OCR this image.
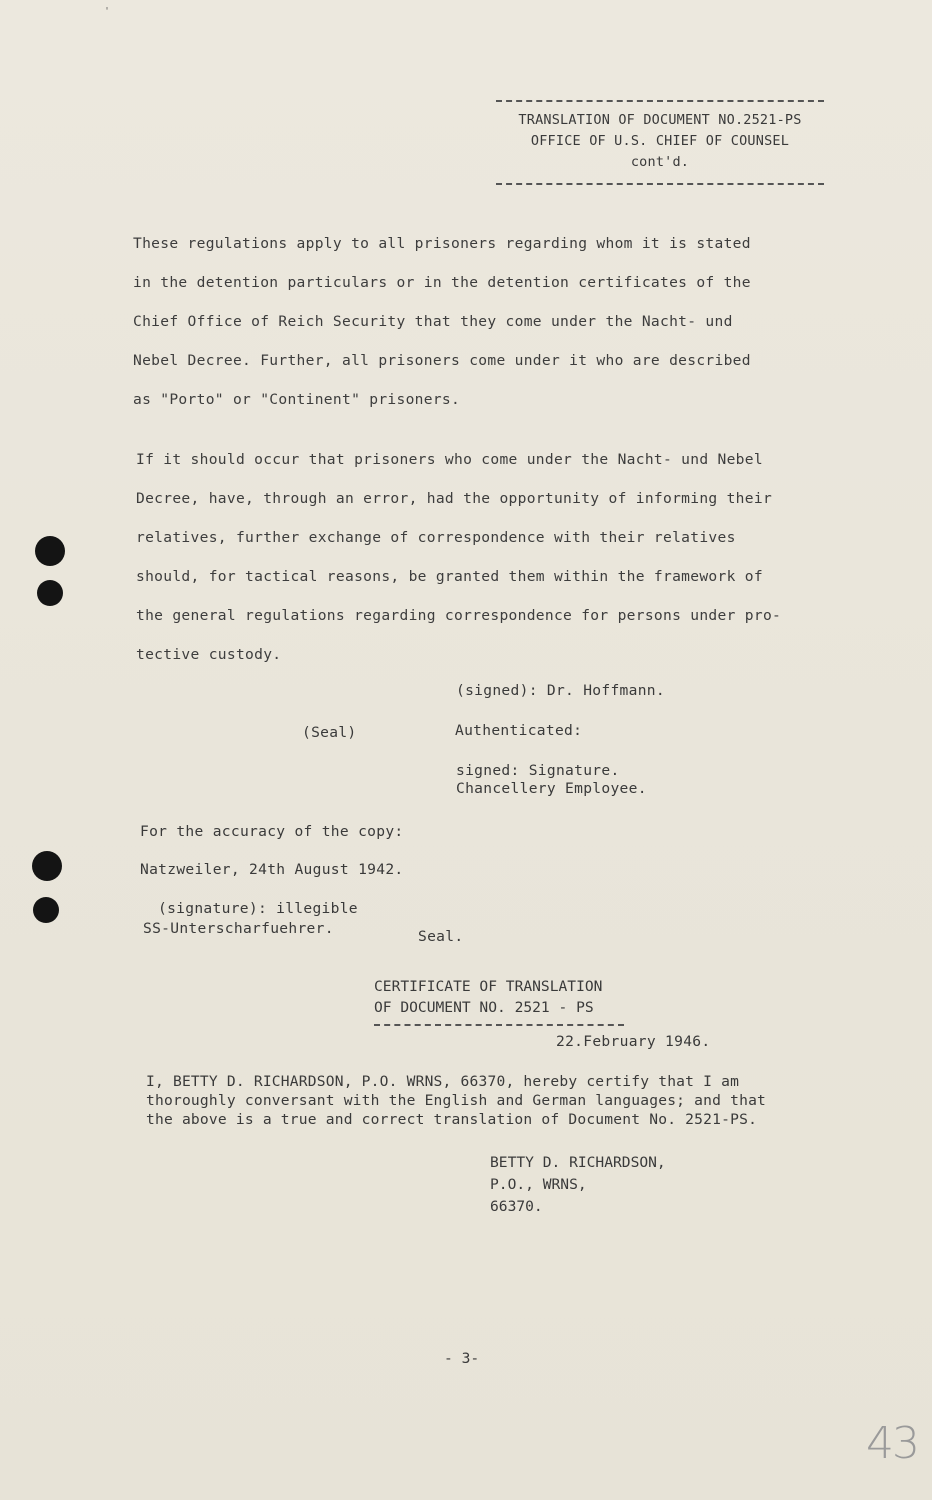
'
TRANSLATION OF DOCUMENT NO.2521-PS
OFFICE OF U.S. CHIEF OF COUNSEL
cont'd.
These regulations apply to all prisoners regarding whom it is stated
in the detention particulars or in the detention certificates of the
Chief Office of Reich Security that they come under the Nacht- und
Nebel Decree. Further, all prisoners come under it who are described
as "Porto" or "Continent" prisoners.
If it should occur that prisoners who come under the Nacht- und Nebel
Decree, have, through an error, had the opportunity of informing their
relatives, further exchange of correspondence with their relatives
should, for tactical reasons, be granted them within the framework of
the general regulations regarding correspondence for persons under pro-
tective custody.
(signed): Dr. Hoffmann.
(Seal)	Authenticated:
signed: Signature.
Chancellery Employee.
For the accuracy of the copy:
Natzweiler, 24th August 1942.
(signature): illegible
SS-Unterscharfuehrer.	Seal.
CERTIFICATE OF TRANSLATION
OF DOCUMENT NO. 2521 - PS
22.February 1946.
I, BETTY D. RICHARDSON, P.O. WRNS, 66370, hereby certify that I am
thoroughly conversant with the English and German languages; and that
the above is a true and correct translation of Document No. 2521-PS.
BETTY D. RICHARDSON,
P.O., WRNS,
66370.
- 3-
43
